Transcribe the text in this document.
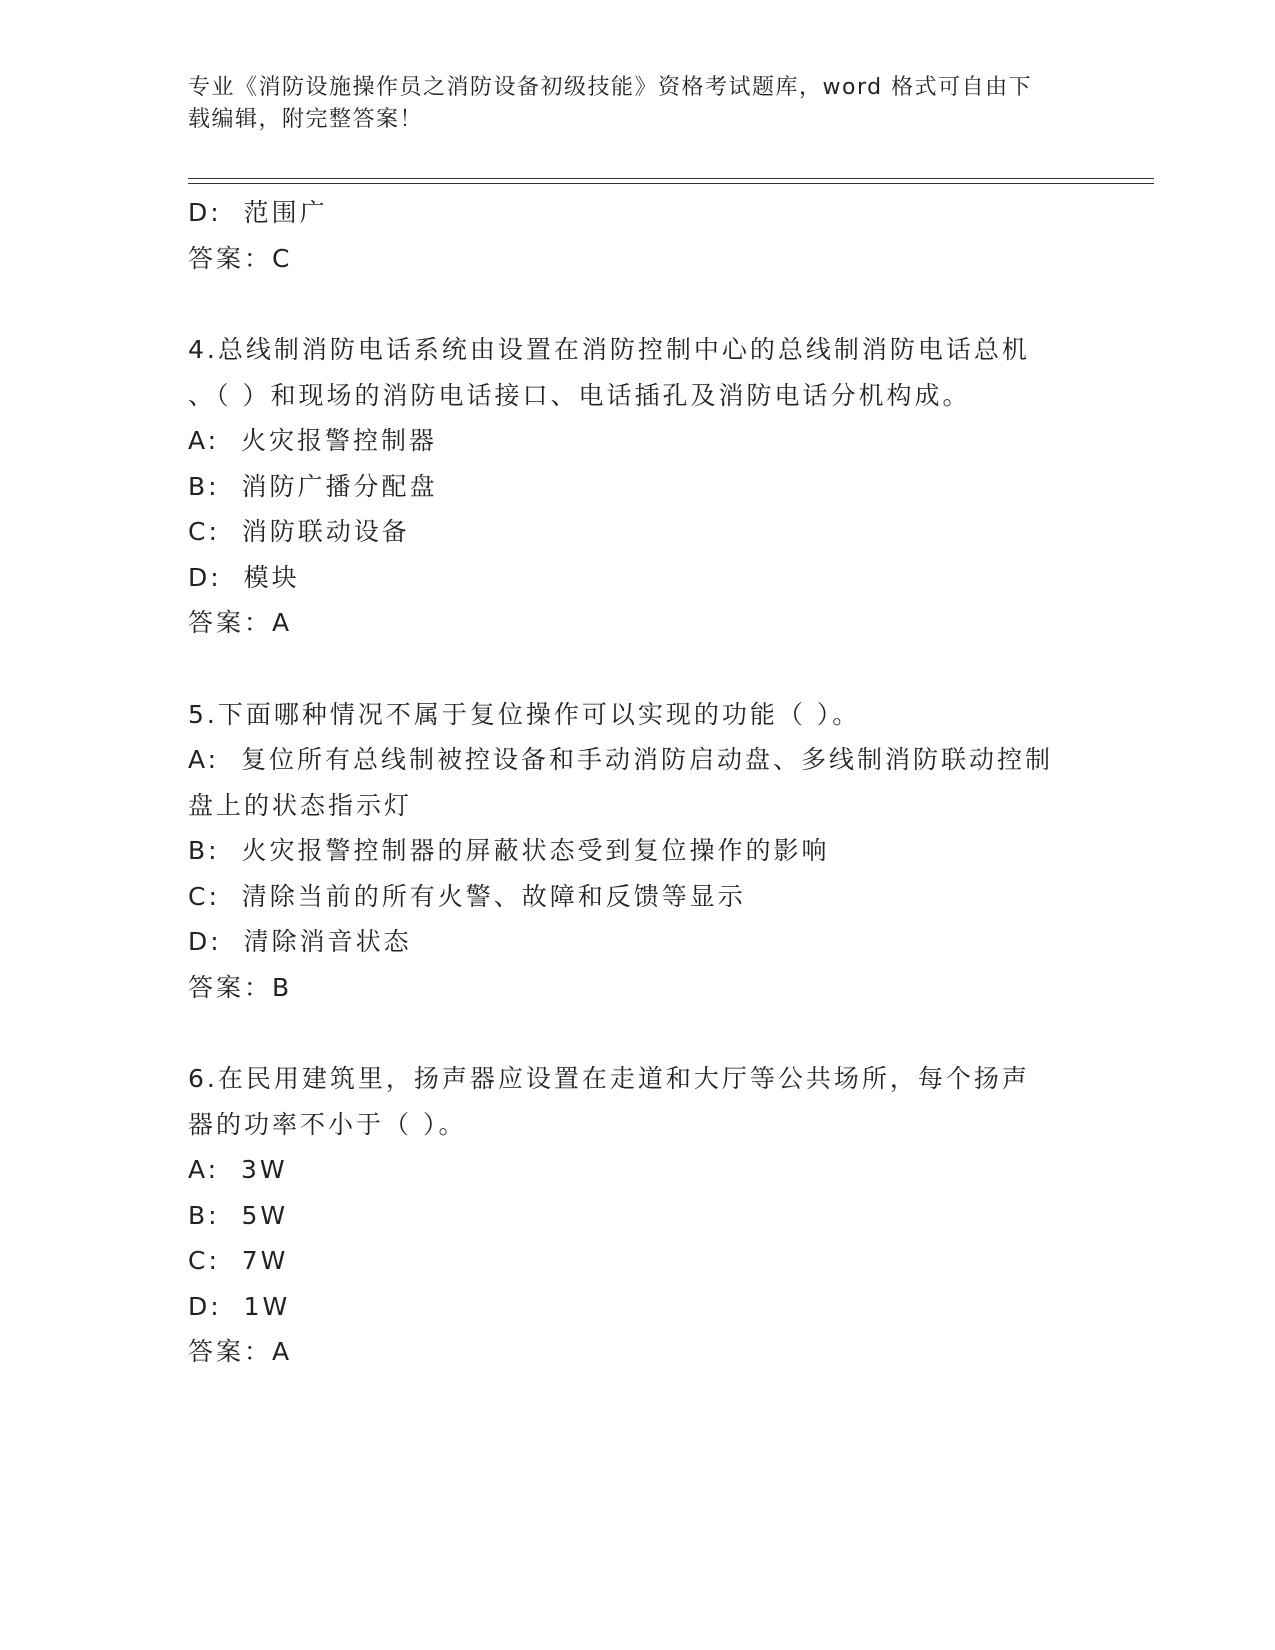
专业《消防设施操作员之消防设备初级技能》资格考试题库，word 格式可自由下
载编辑，附完整答案！
D:  范围广
答案：C
4.总线制消防电话系统由设置在消防控制中心的总线制消防电话总机
、（ ）和现场的消防电话接口、电话插孔及消防电话分机构成。
A:  火灾报警控制器
B:  消防广播分配盘
C:  消防联动设备
D:  模块
答案：A
5.下面哪种情况不属于复位操作可以实现的功能（ ）。
A:  复位所有总线制被控设备和手动消防启动盘、多线制消防联动控制
盘上的状态指示灯
B:  火灾报警控制器的屏蔽状态受到复位操作的影响
C:  清除当前的所有火警、故障和反馈等显示
D:  清除消音状态
答案：B
6.在民用建筑里，扬声器应设置在走道和大厅等公共场所，每个扬声
器的功率不小于（ ）。
A:  3W
B:  5W
C:  7W
D:  1W
答案：A
